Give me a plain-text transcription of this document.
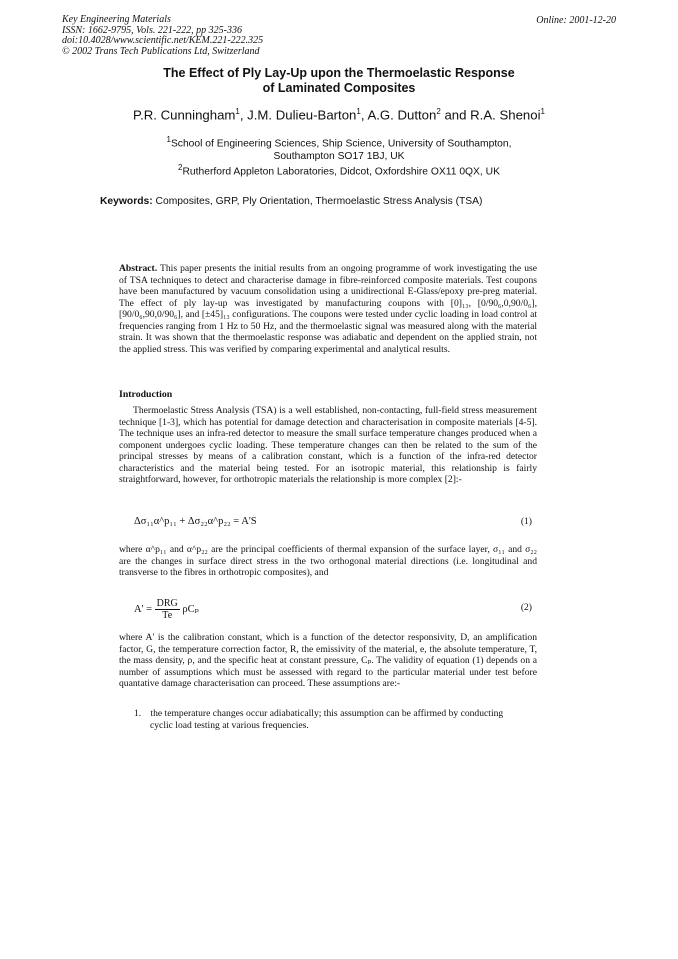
Key Engineering Materials
ISSN: 1662-9795, Vols. 221-222, pp 325-336
doi:10.4028/www.scientific.net/KEM.221-222.325
© 2002 Trans Tech Publications Ltd, Switzerland
Online: 2001-12-20
The Effect of Ply Lay-Up upon the Thermoelastic Response
of Laminated Composites
P.R. Cunningham$^1$, J.M. Dulieu-Barton$^1$, A.G. Dutton$^2$ and R.A. Shenoi$^1$
$^1$School of Engineering Sciences, Ship Science, University of Southampton,
Southampton SO17 1BJ, UK
$^2$Rutherford Appleton Laboratories, Didcot, Oxfordshire OX11 0QX, UK
Keywords: Composites, GRP, Ply Orientation, Thermoelastic Stress Analysis (TSA)
Abstract. This paper presents the initial results from an ongoing programme of work investigating the use of TSA techniques to detect and characterise damage in fibre-reinforced composite materials. Test coupons have been manufactured by vacuum consolidation using a unidirectional E-Glass/epoxy pre-preg material. The effect of ply lay-up was investigated by manufacturing coupons with [0]₁₃, [0/90₆,0,90/0₆], [90/0₆,90,0/90₆], and [±45]₁₃ configurations. The coupons were tested under cyclic loading in load control at frequencies ranging from 1 Hz to 50 Hz, and the thermoelastic signal was measured along with the material strain. It was shown that the thermoelastic response was adiabatic and dependent on the applied strain, not the applied stress. This was verified by comparing experimental and analytical results.
Introduction
Thermoelastic Stress Analysis (TSA) is a well established, non-contacting, full-field stress measurement technique [1-3], which has potential for damage detection and characterisation in composite materials [4-5]. The technique uses an infra-red detector to measure the small surface temperature changes produced when a component undergoes cyclic loading. These temperature changes can then be related to the sum of the principal stresses by means of a calibration constant, which is a function of the infra-red detector characteristics and the material being tested. For an isotropic material, this relationship is fairly straightforward, however, for orthotropic materials the relationship is more complex [2]:-
Δσ₁₁α^p₁₁ + Δσ₂₂α^p₂₂ = A'S	(1)
where α^p₁₁ and α^p₂₂ are the principal coefficients of thermal expansion of the surface layer, σ₁₁ and σ₂₂ are the changes in surface direct stress in the two orthogonal material directions (i.e. longitudinal and transverse to the fibres in orthotropic composites), and
$A' = \frac{\text{DRG}}{Te}$ ρCₚ	(2)
where A' is the calibration constant, which is a function of the detector responsivity, D, an amplification factor, G, the temperature correction factor, R, the emissivity of the material, e, the absolute temperature, T, the mass density, ρ, and the specific heat at constant pressure, Cₚ. The validity of equation (1) depends on a number of assumptions which must be assessed with regard to the particular material under test before quantative damage characterisation can proceed. These assumptions are:-
1. the temperature changes occur adiabatically; this assumption can be affirmed by conducting
cyclic load testing at various frequencies.
